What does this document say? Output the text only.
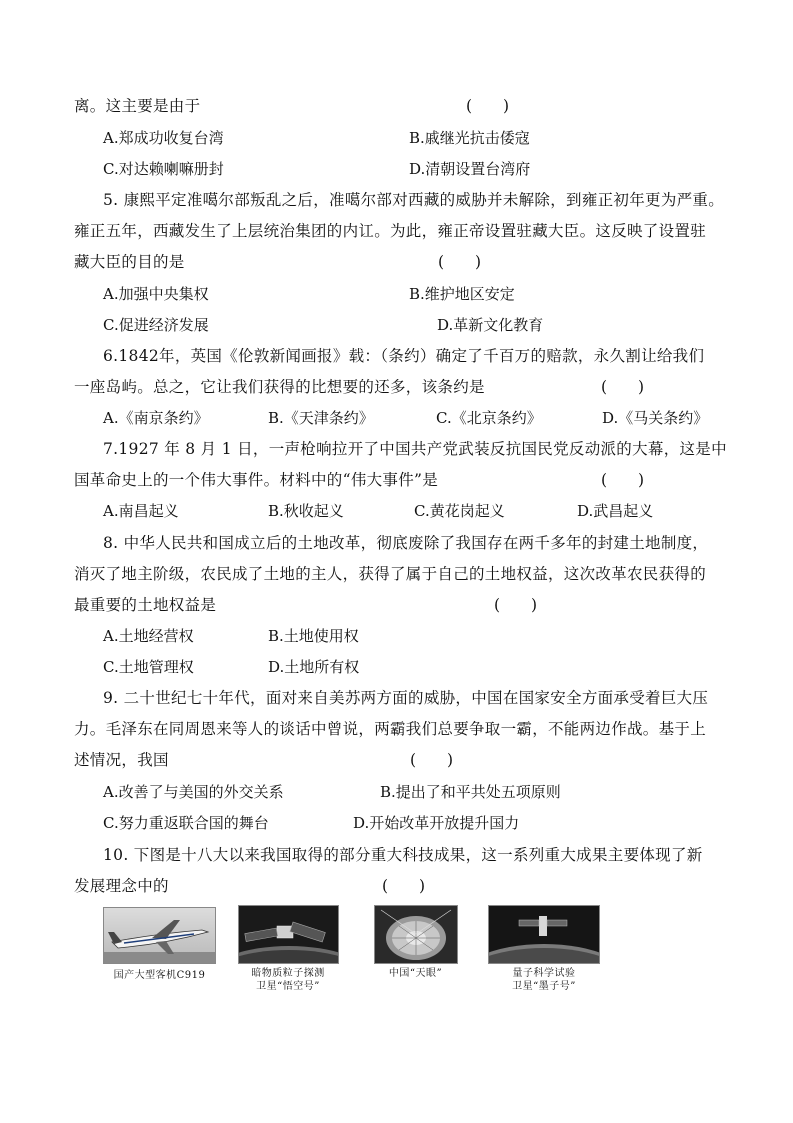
离。这主要是由于	(　　)
A.郑成功收复台湾	B.戚继光抗击倭寇
C.对达赖喇嘛册封	D.清朝设置台湾府
5. 康熙平定准噶尔部叛乱之后，准噶尔部对西藏的威胁并未解除，到雍正初年更为严重。
雍正五年，西藏发生了上层统治集团的内讧。为此，雍正帝设置驻藏大臣。这反映了设置驻
藏大臣的目的是	(　　)
A.加强中央集权	B.维护地区安定
C.促进经济发展	D.革新文化教育
6.1842年，英国《伦敦新闻画报》载：（条约）确定了千百万的赔款，永久割让给我们
一座岛屿。总之，它让我们获得的比想要的还多，该条约是	(　　)
A.《南京条约》	B.《天津条约》	C.《北京条约》	D.《马关条约》
7.1927 年 8 月 1 日，一声枪响拉开了中国共产党武装反抗国民党反动派的大幕，这是中
国革命史上的一个伟大事件。材料中的“伟大事件”是	(　　)
A.南昌起义	B.秋收起义	C.黄花岗起义	D.武昌起义
8. 中华人民共和国成立后的土地改革，彻底废除了我国存在两千多年的封建土地制度，
消灭了地主阶级，农民成了土地的主人，获得了属于自己的土地权益，这次改革农民获得的
最重要的土地权益是	(　　)
A.土地经营权	B.土地使用权
C.土地管理权	D.土地所有权
9. 二十世纪七十年代，面对来自美苏两方面的威胁，中国在国家安全方面承受着巨大压
力。毛泽东在同周恩来等人的谈话中曾说，两霸我们总要争取一霸，不能两边作战。基于上
述情况，我国	(　　)
A.改善了与美国的外交关系	B.提出了和平共处五项原则
C.努力重返联合国的舞台	D.开始改革开放提升国力
10. 下图是十八大以来我国取得的部分重大科技成果，这一系列重大成果主要体现了新
发展理念中的	(　　)
国产大型客机C919	暗物质粒子探测
卫星“悟空号”
中国“天眼”	量子科学试验
卫星“墨子号”
